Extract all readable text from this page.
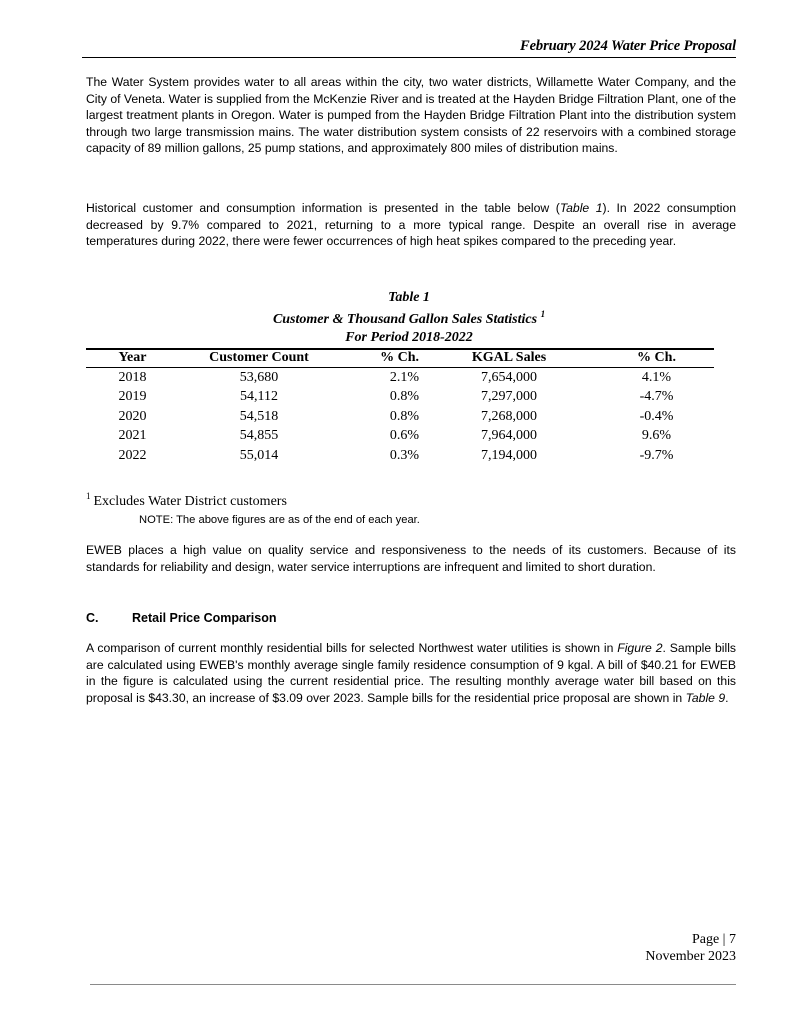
February 2024 Water Price Proposal

The Water System provides water to all areas within the city, two water districts, Willamette Water Company, and the City of Veneta. Water is supplied from the McKenzie River and is treated at the Hayden Bridge Filtration Plant, one of the largest treatment plants in Oregon. Water is pumped from the Hayden Bridge Filtration Plant into the distribution system through two large transmission mains. The water distribution system consists of 22 reservoirs with a combined storage capacity of 89 million gallons, 25 pump stations, and approximately 800 miles of distribution mains.

Historical customer and consumption information is presented in the table below (Table 1). In 2022 consumption decreased by 9.7% compared to 2021, returning to a more typical range. Despite an overall rise in average temperatures during 2022, there were fewer occurrences of high heat spikes compared to the preceding year.

Table 1
Customer & Thousand Gallon Sales Statistics $^1$
For Period 2018-2022
Year	Customer Count	% Ch.	KGAL Sales	% Ch.
2018	53,680	2.1%	7,654,000	4.1%
2019	54,112	0.8%	7,297,000	-4.7%
2020	54,518	0.8%	7,268,000	-0.4%
2021	54,855	0.6%	7,964,000	9.6%
2022	55,014	0.3%	7,194,000	-9.7%
$^1$ Excludes Water District customers
NOTE: The above figures are as of the end of each year.

EWEB places a high value on quality service and responsiveness to the needs of its customers. Because of its standards for reliability and design, water service interruptions are infrequent and limited to short duration.

C.	Retail Price Comparison

A comparison of current monthly residential bills for selected Northwest water utilities is shown in Figure 2. Sample bills are calculated using EWEB's monthly average single family residence consumption of 9 kgal. A bill of $40.21 for EWEB in the figure is calculated using the current residential price. The resulting monthly average water bill based on this proposal is $43.30, an increase of $3.09 over 2023. Sample bills for the residential price proposal are shown in Table 9.

Page | 7
November 2023
